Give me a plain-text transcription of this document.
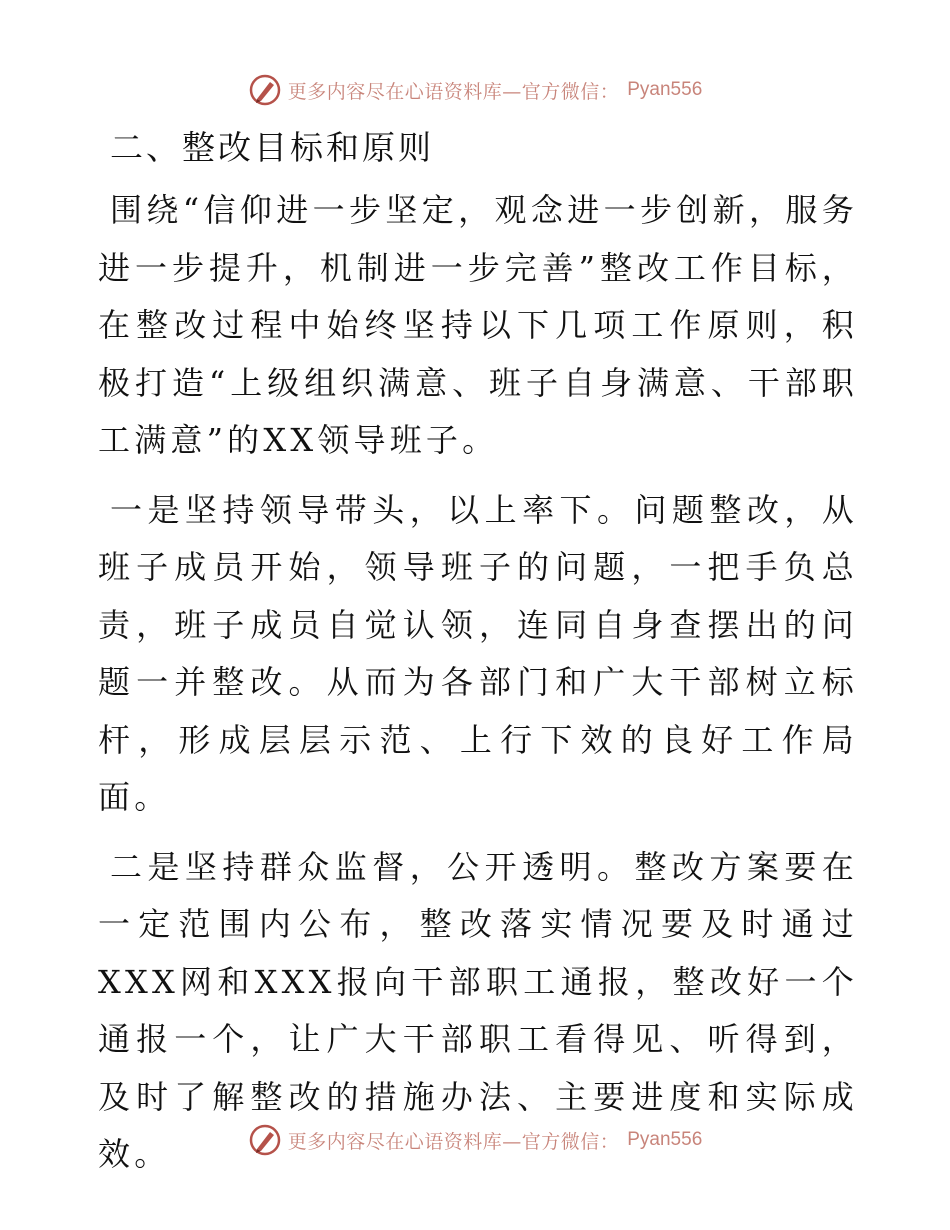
更多内容尽在心语资料库—官方微信： Pyan556
二、整改目标和原则

围绕“信仰进一步坚定，观念进一步创新，服务进一步提升，机制进一步完善”整改工作目标，在整改过程中始终坚持以下几项工作原则，积极打造“上级组织满意、班子自身满意、干部职工满意”的XX领导班子。

一是坚持领导带头，以上率下。问题整改，从班子成员开始，领导班子的问题，一把手负总责，班子成员自觉认领，连同自身查摆出的问题一并整改。从而为各部门和广大干部树立标杆，形成层层示范、上行下效的良好工作局面。

二是坚持群众监督，公开透明。整改方案要在一定范围内公布，整改落实情况要及时通过XXX网和XXX报向干部职工通报，整改好一个通报一个，让广大干部职工看得见、听得到，及时了解整改的措施办法、主要进度和实际成效。	更多内容尽在心语资料库—官方微信： Pyan556
